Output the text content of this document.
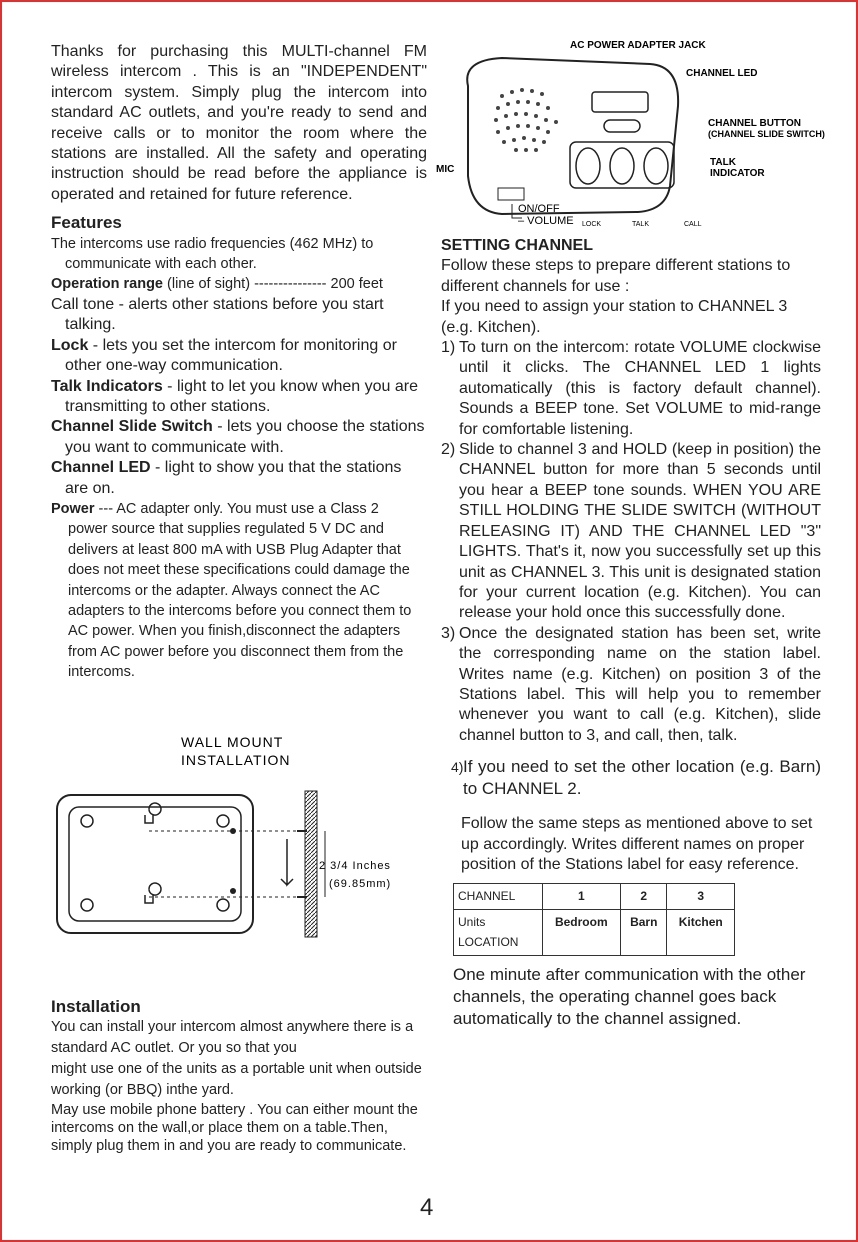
Thanks for purchasing this MULTI-channel FM wireless intercom . This is an "INDEPENDENT" intercom system. Simply plug the intercom into standard AC outlets, and you're ready to send and receive calls or to monitor the room where the stations are installed. All the safety and operating instruction should be read before the appliance is operated and retained for future reference.

Features

The intercoms use radio frequencies (462 MHz) to communicate with each other.

Operation range (line of sight) --------------- 200 feet

Call tone - alerts other stations before you start talking.

Lock - lets you set the intercom for monitoring or other one-way communication.

Talk Indicators - light to let you know when you are transmitting to other stations.

Channel Slide Switch - lets you choose the stations you want to communicate with.

Channel LED - light to show you that the stations are on.

Power --- AC adapter only. You must use a Class 2

power source that supplies regulated 5 V DC and delivers at least 800 mA with USB Plug Adapter that does not meet these specifications could damage the intercoms or the adapter. Always connect the AC adapters to the intercoms before you connect them to AC power. When you finish,disconnect the adapters from AC power before you disconnect them from the intercoms.

WALL MOUNT
INSTALLATION
2 3/4 Inches
(69.85mm)

Installation

You can install your intercom almost anywhere there is a standard AC outlet. Or you so that you

might use one of the units as a portable unit when outside working (or BBQ) inthe yard.

May use mobile phone battery . You can either mount the intercoms on the wall,or place them on a table.Then, simply plug them in and you are ready to communicate.

AC POWER ADAPTER JACK
CHANNEL LED
CHANNEL BUTTON
(CHANNEL SLIDE SWITCH)
TALK
INDICATOR
MIC
ON/OFF
– VOLUME LOCK	TALK	CALL

SETTING CHANNEL

Follow these steps to prepare different stations to different channels for use :

If you need to assign your station to CHANNEL 3 (e.g. Kitchen).

1) To turn on the intercom: rotate VOLUME clockwise until it clicks. The CHANNEL LED 1 lights automatically (this is factory default channel). Sounds a BEEP tone. Set VOLUME to mid-range for comfortable listening.
2) Slide to channel 3 and HOLD (keep in position) the CHANNEL button for more than 5 seconds until you hear a BEEP tone sounds. WHEN YOU ARE STILL HOLDING THE SLIDE SWITCH (WITHOUT RELEASING IT) AND THE CHANNEL LED "3" LIGHTS. That's it, now you successfully set up this unit as CHANNEL 3. This unit is designated station for your current location (e.g. Kitchen). You can release your hold once this successfully done.
3) Once the designated station has been set, write the corresponding name on the station label. Writes name (e.g. Kitchen) on position 3 of the Stations label. This will help you to remember whenever you want to call (e.g. Kitchen), slide channel button to 3, and call, then, talk.
4) If you need to set the other location (e.g. Barn) to CHANNEL 2.

Follow the same steps as mentioned above to set up accordingly. Writes different names on proper position of the Stations label for easy reference.

CHANNEL	1	2	3

Units
LOCATION	Bedroom	Barn	Kitchen

One minute after communication with the other channels, the operating channel goes back automatically to the channel assigned.

4
